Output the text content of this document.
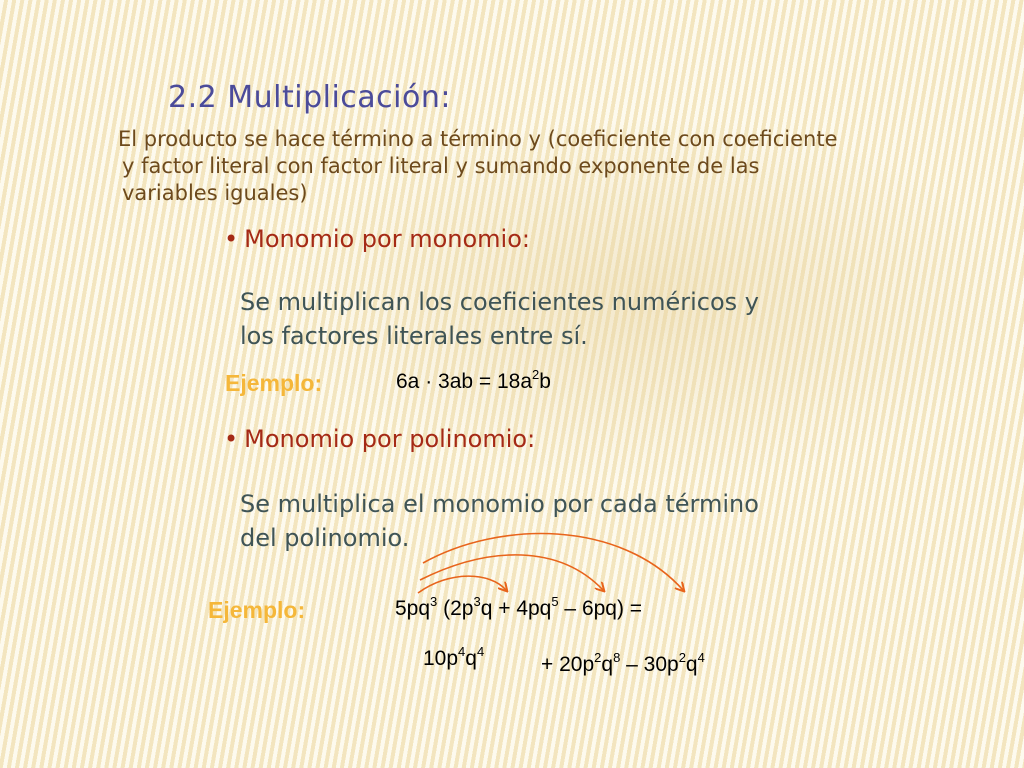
2.2 Multiplicación:
El producto se hace término a término y (coeficiente con coeficiente
y factor literal con factor literal y sumando exponente de las
variables iguales)
• Monomio por monomio:
Se multiplican los coeficientes numéricos y
los factores literales entre sí.
Ejemplo:	$6a \cdot 3ab = 18a^2b$
• Monomio por polinomio:
Se multiplica el monomio por cada término
del polinomio.
Ejemplo:	$5pq^3$ $(2p^3q + 4pq^5 - 6pq)$ =
$10p^4q^4$
+ $20p^2q^8 - 30p^2q^4$
